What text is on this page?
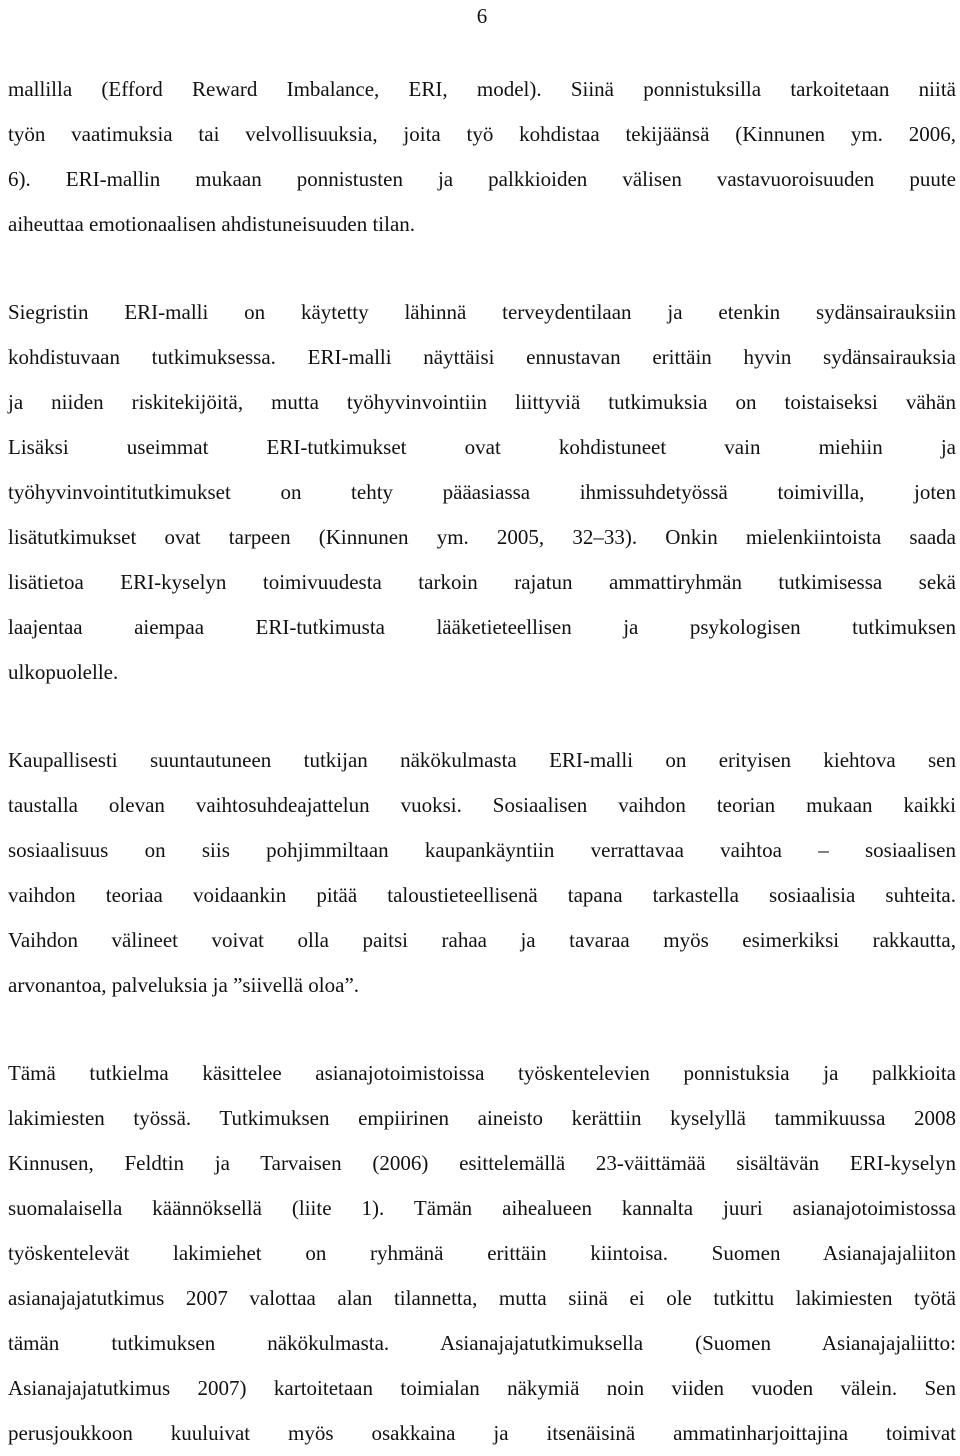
6
mallilla (Efford Reward Imbalance, ERI, model). Siinä ponnistuksilla tarkoitetaan niitä
työn vaatimuksia tai velvollisuuksia, joita työ kohdistaa tekijäänsä (Kinnunen ym. 2006,
6). ERI-mallin mukaan ponnistusten ja palkkioiden välisen vastavuoroisuuden puute
aiheuttaa emotionaalisen ahdistuneisuuden tilan.
Siegristin ERI-malli on käytetty lähinnä terveydentilaan ja etenkin sydänsairauksiin
kohdistuvaan tutkimuksessa. ERI-malli näyttäisi ennustavan erittäin hyvin sydänsairauksia
ja niiden riskitekijöitä, mutta työhyvinvointiin liittyviä tutkimuksia on toistaiseksi vähän
Lisäksi useimmat ERI-tutkimukset ovat kohdistuneet vain miehiin ja
työhyvinvointitutkimukset on tehty pääasiassa ihmissuhdetyössä toimivilla, joten
lisätutkimukset ovat tarpeen (Kinnunen ym. 2005, 32–33). Onkin mielenkiintoista saada
lisätietoa ERI-kyselyn toimivuudesta tarkoin rajatun ammattiryhmän tutkimisessa sekä
laajentaa aiempaa ERI-tutkimusta lääketieteellisen ja psykologisen tutkimuksen
ulkopuolelle.
Kaupallisesti suuntautuneen tutkijan näkökulmasta ERI-malli on erityisen kiehtova sen
taustalla olevan vaihtosuhdeajattelun vuoksi. Sosiaalisen vaihdon teorian mukaan kaikki
sosiaalisuus on siis pohjimmiltaan kaupankäyntiin verrattavaa vaihtoa – sosiaalisen
vaihdon teoriaa voidaankin pitää taloustieteellisenä tapana tarkastella sosiaalisia suhteita.
Vaihdon välineet voivat olla paitsi rahaa ja tavaraa myös esimerkiksi rakkautta,
arvonantoa, palveluksia ja ”siivellä oloa”.
Tämä tutkielma käsittelee asianajotoimistoissa työskentelevien ponnistuksia ja palkkioita
lakimiesten työssä. Tutkimuksen empiirinen aineisto kerättiin kyselyllä tammikuussa 2008
Kinnusen, Feldtin ja Tarvaisen (2006) esittelemällä 23-väittämää sisältävän ERI-kyselyn
suomalaisella käännöksellä (liite 1). Tämän aihealueen kannalta juuri asianajotoimistossa
työskentelevät lakimiehet on ryhmänä erittäin kiintoisa. Suomen Asianajajaliiton
asianajajatutkimus 2007 valottaa alan tilannetta, mutta siinä ei ole tutkittu lakimiesten työtä
tämän tutkimuksen näkökulmasta. Asianajajatutkimuksella (Suomen Asianajajaliitto:
Asianajajatutkimus 2007) kartoitetaan toimialan näkymiä noin viiden vuoden välein. Sen
perusjoukkoon kuuluivat myös osakkaina ja itsenäisinä ammatinharjoittajina toimivat
